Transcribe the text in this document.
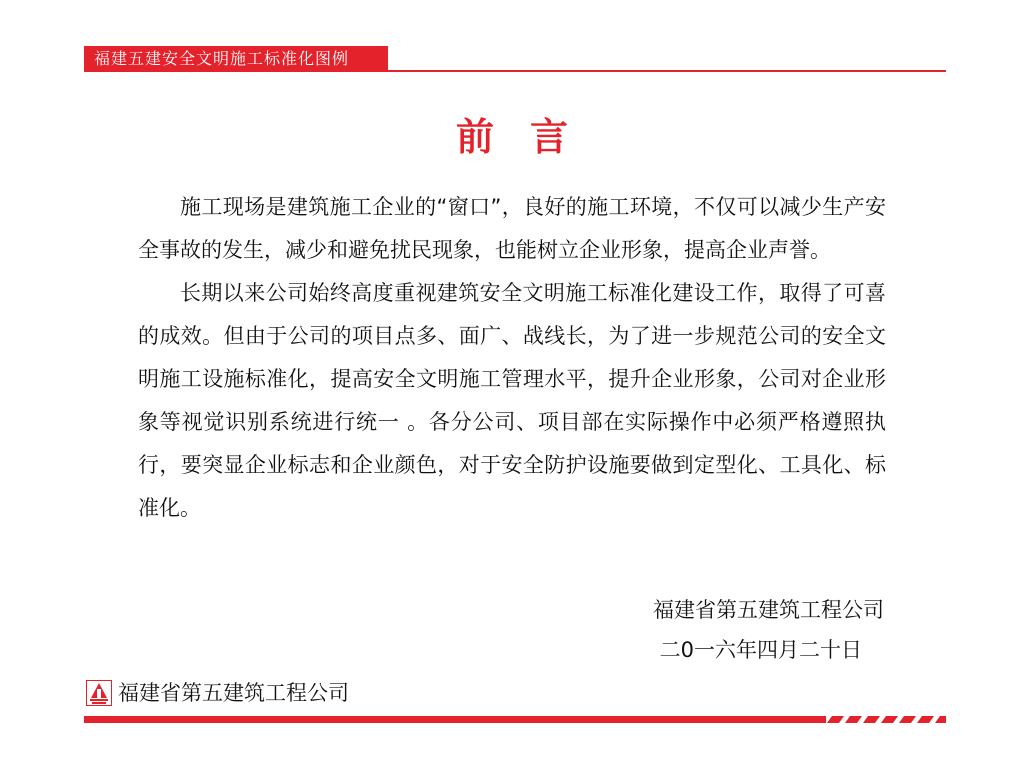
福建五建安全文明施工标准化图例
前言

施工现场是建筑施工企业的“窗口”，良好的施工环境，不仅可以减少生产安全事故的发生，减少和避免扰民现象，也能树立企业形象，提高企业声誉。

长期以来公司始终高度重视建筑安全文明施工标准化建设工作，取得了可喜的成效。但由于公司的项目点多、面广、战线长，为了进一步规范公司的安全文明施工设施标准化，提高安全文明施工管理水平，提升企业形象，公司对企业形象等视觉识别系统进行统一 。各分公司、项目部在实际操作中必须严格遵照执行，要突显企业标志和企业颜色，对于安全防护设施要做到定型化、工具化、标准化。

福建省第五建筑工程公司
二0一六年四月二十日
福建省第五建筑工程公司
